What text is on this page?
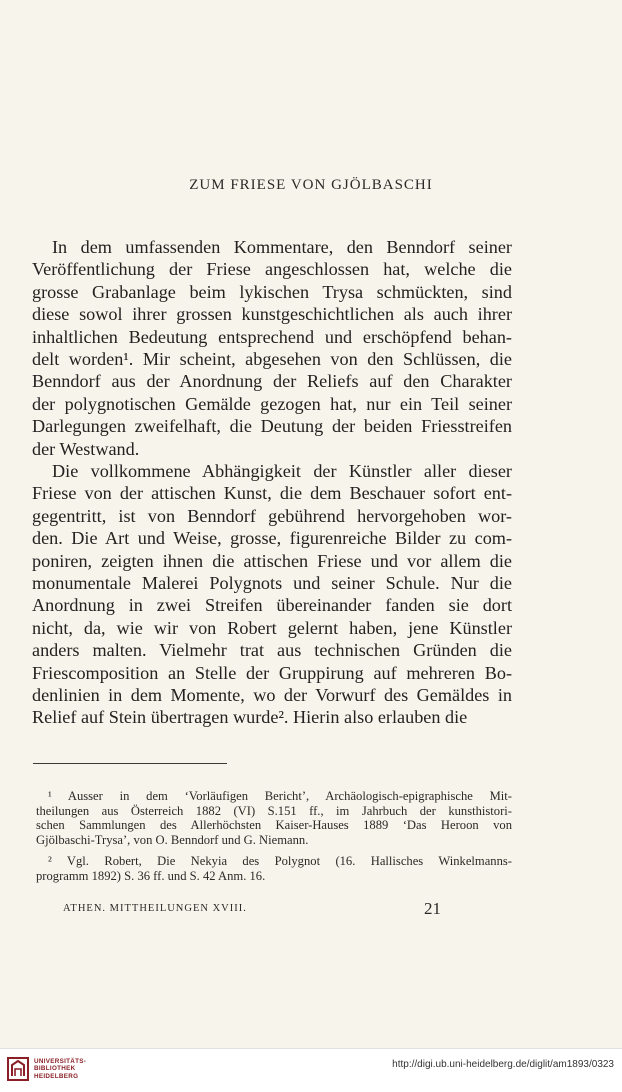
ZUM FRIESE VON GJÖLBASCHI
In dem umfassenden Kommentare, den Benndorf seiner
Veröffentlichung der Friese angeschlossen hat, welche die
grosse Grabanlage beim lykischen Trysa schmückten, sind
diese sowol ihrer grossen kunstgeschichtlichen als auch ihrer
inhaltlichen Bedeutung entsprechend und erschöpfend behan-
delt worden¹. Mir scheint, abgesehen von den Schlüssen, die
Benndorf aus der Anordnung der Reliefs auf den Charakter
der polygnotischen Gemälde gezogen hat, nur ein Teil seiner
Darlegungen zweifelhaft, die Deutung der beiden Friesstreifen
der Westwand.
Die vollkommene Abhängigkeit der Künstler aller dieser
Friese von der attischen Kunst, die dem Beschauer sofort ent-
gegentritt, ist von Benndorf gebührend hervorgehoben wor-
den. Die Art und Weise, grosse, figurenreiche Bilder zu com-
poniren, zeigten ihnen die attischen Friese und vor allem die
monumentale Malerei Polygnots und seiner Schule. Nur die
Anordnung in zwei Streifen übereinander fanden sie dort
nicht, da, wie wir von Robert gelernt haben, jene Künstler
anders malten. Vielmehr trat aus technischen Gründen die
Friescomposition an Stelle der Gruppirung auf mehreren Bo-
denlinien in dem Momente, wo der Vorwurf des Gemäldes in
Relief auf Stein übertragen wurde². Hierin also erlauben die
¹ Ausser in dem ‘Vorläufigen Bericht’, Archäologisch-epigraphische Mit-
theilungen aus Österreich 1882 (VI) S.151 ff., im Jahrbuch der kunsthistori-
schen Sammlungen des Allerhöchsten Kaiser-Hauses 1889 ‘Das Heroon von
Gjölbaschi-Trysa’, von O. Benndorf und G. Niemann.
² Vgl. Robert, Die Nekyia des Polygnot (16. Hallisches Winkelmanns-
programm 1892) S. 36 ff. und S. 42 Anm. 16.
ATHEN. MITTHEILUNGEN XVIII.	21
UNIVERSITÄTS-
BIBLIOTHEK
HEIDELBERG
http://digi.ub.uni-heidelberg.de/diglit/am1893/0323
